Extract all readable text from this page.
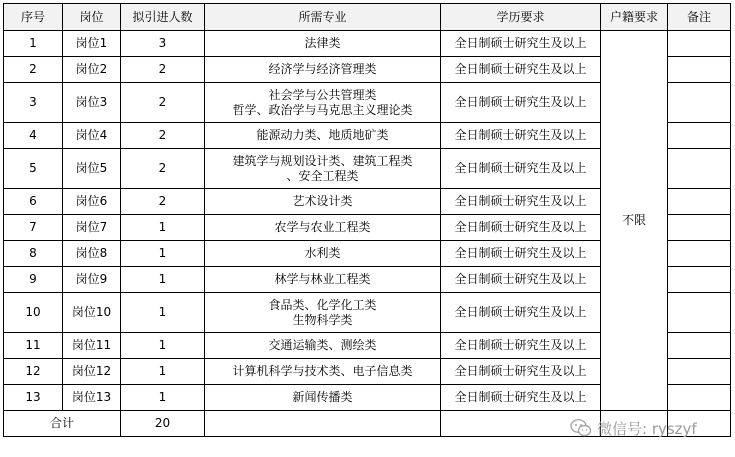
序号	岗位	拟引进人数	所需专业	学历要求	户籍要求	备注
1	岗位1	3	法律类	全日制硕士研究生及以上	不限	
2	岗位2	2	经济学与经济管理类	全日制硕士研究生及以上		
3	岗位3	2	社会学与公共管理类
哲学、政治学与马克思主义理论类	全日制硕士研究生及以上		
4	岗位4	2	能源动力类、地质地矿类	全日制硕士研究生及以上		
5	岗位5	2	建筑学与规划设计类、建筑工程类
、安全工程类	全日制硕士研究生及以上		
6	岗位6	2	艺术设计类	全日制硕士研究生及以上		
7	岗位7	1	农学与农业工程类	全日制硕士研究生及以上		
8	岗位8	1	水利类	全日制硕士研究生及以上		
9	岗位9	1	林学与林业工程类	全日制硕士研究生及以上		
10	岗位10	1	食品类、化学化工类
生物科学类	全日制硕士研究生及以上		
11	岗位11	1	交通运输类、测绘类	全日制硕士研究生及以上		
12	岗位12	1	计算机科学与技术类、电子信息类	全日制硕士研究生及以上		
13	岗位13	1	新闻传播类	全日制硕士研究生及以上		
合计		20					微信号: ryszyf
